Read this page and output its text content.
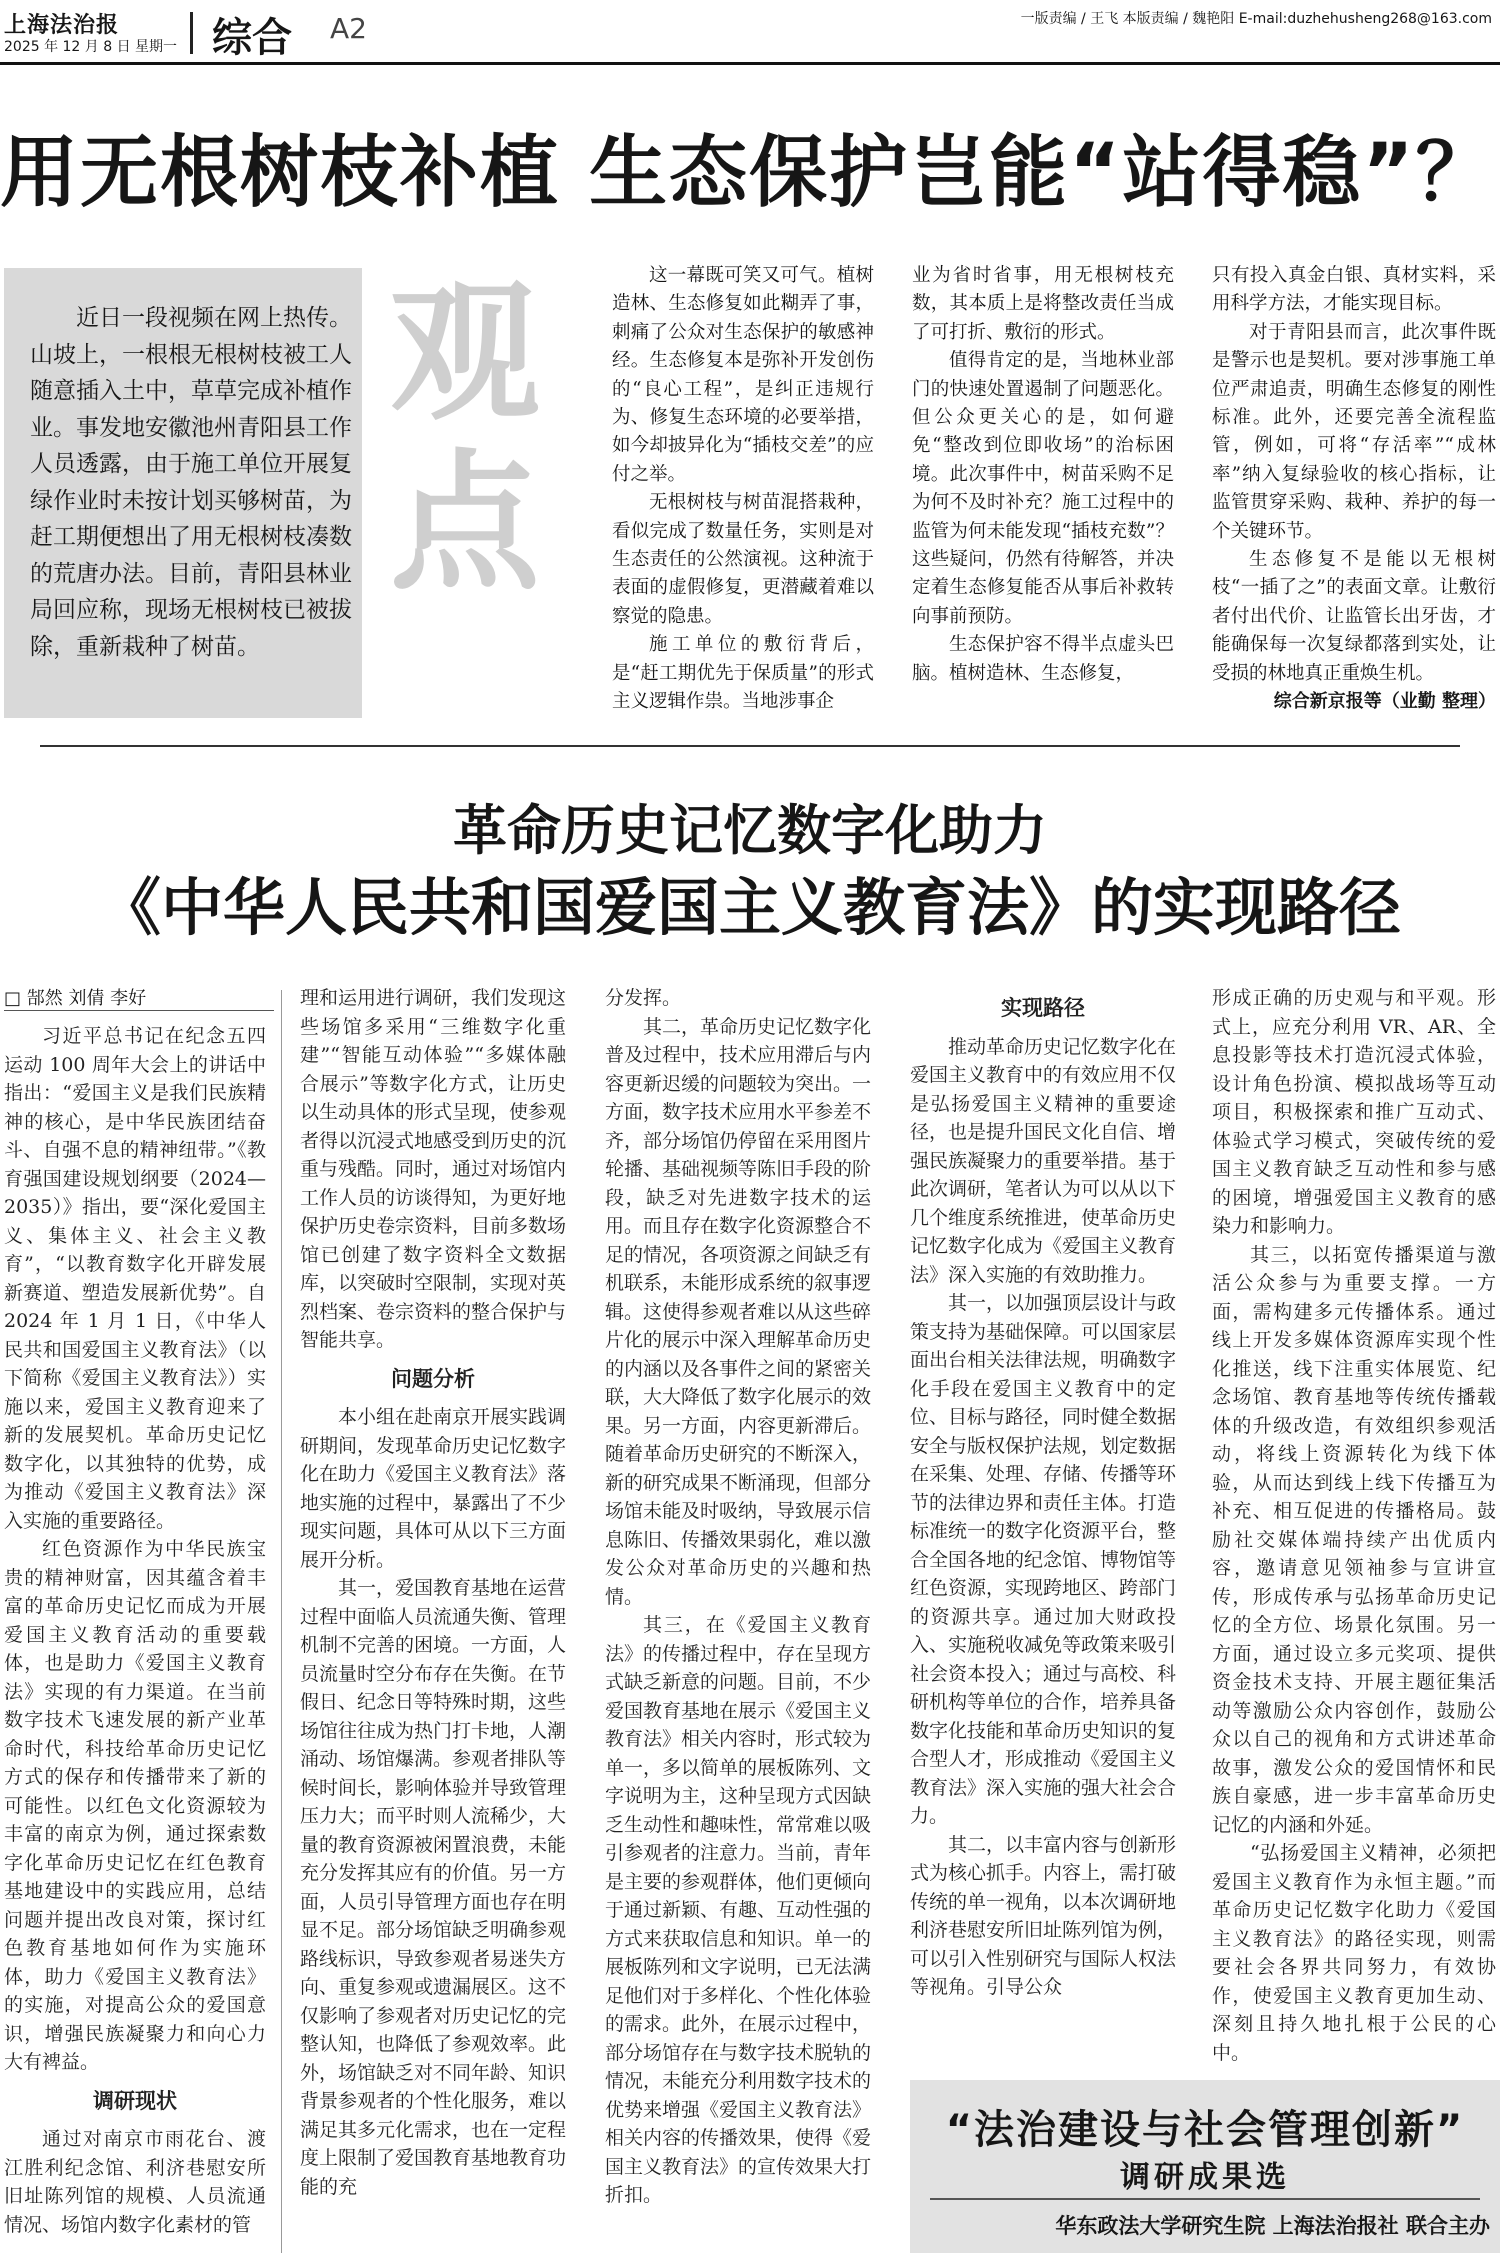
上海法治报
2025 年 12 月 8 日 星期一 综合 A2	一版责编 / 王飞 本版责编 / 魏艳阳 E-mail:duzhehusheng268@163.com
用无根树枝补植 生态保护岂能“站得稳”？
近日一段视频在网上热传。山坡上，一根根无根树枝被工人随意插入土中，草草完成补植作业。事发地安徽池州青阳县工作人员透露，由于施工单位开展复绿作业时未按计划买够树苗，为赶工期便想出了用无根树枝凑数的荒唐办法。目前，青阳县林业局回应称，现场无根树枝已被拔除，重新栽种了树苗。
观
点

这一幕既可笑又可气。植树造林、生态修复如此糊弄了事，刺痛了公众对生态保护的敏感神经。生态修复本是弥补开发创伤的“良心工程”，是纠正违规行为、修复生态环境的必要举措，如今却披异化为“插枝交差”的应付之举。

无根树枝与树苗混搭栽种，看似完成了数量任务，实则是对生态责任的公然演视。这种流于表面的虚假修复，更潜藏着难以察觉的隐患。

施工单位的敷衍背后，是“赶工期优先于保质量”的形式主义逻辑作祟。当地涉事企

业为省时省事，用无根树枝充数，其本质上是将整改责任当成了可打折、敷衍的形式。

值得肯定的是，当地林业部门的快速处置遏制了问题恶化。但公众更关心的是，如何避免“整改到位即收场”的治标困境。此次事件中，树苗采购不足为何不及时补充？施工过程中的监管为何未能发现“插枝充数”？这些疑问，仍然有待解答，并决定着生态修复能否从事后补救转向事前预防。

生态保护容不得半点虚头巴脑。植树造林、生态修复，

只有投入真金白银、真材实料，采用科学方法，才能实现目标。

对于青阳县而言，此次事件既是警示也是契机。要对涉事施工单位严肃追责，明确生态修复的刚性标准。此外，还要完善全流程监管，例如，可将“存活率”“成林率”纳入复绿验收的核心指标，让监管贯穿采购、栽种、养护的每一个关键环节。

生态修复不是能以无根树枝“一插了之”的表面文章。让敷衍者付出代价、让监管长出牙齿，才能确保每一次复绿都落到实处，让受损的林地真正重焕生机。

综合新京报等（业勤 整理）
革命历史记忆数字化助力
《中华人民共和国爱国主义教育法》的实现路径
□ 郜然 刘倩 李好

习近平总书记在纪念五四运动 100 周年大会上的讲话中指出：“爱国主义是我们民族精神的核心，是中华民族团结奋斗、自强不息的精神纽带。”《教育强国建设规划纲要（2024—2035）》指出，要“深化爱国主义、集体主义、社会主义教育”，“以教育数字化开辟发展新赛道、塑造发展新优势”。自 2024 年 1 月 1 日，《中华人民共和国爱国主义教育法》（以下简称《爱国主义教育法》）实施以来，爱国主义教育迎来了新的发展契机。革命历史记忆数字化，以其独特的优势，成为推动《爱国主义教育法》深入实施的重要路径。

红色资源作为中华民族宝贵的精神财富，因其蕴含着丰富的革命历史记忆而成为开展爱国主义教育活动的重要载体，也是助力《爱国主义教育法》实现的有力渠道。在当前数字技术飞速发展的新产业革命时代，科技给革命历史记忆方式的保存和传播带来了新的可能性。以红色文化资源较为丰富的南京为例，通过探索数字化革命历史记忆在红色教育基地建设中的实践应用，总结问题并提出改良对策，探讨红色教育基地如何作为实施环体，助力《爱国主义教育法》的实施，对提高公众的爱国意识，增强民族凝聚力和向心力大有裨益。

调研现状

通过对南京市雨花台、渡江胜利纪念馆、利济巷慰安所旧址陈列馆的规模、人员流通情况、场馆内数字化素材的管

理和运用进行调研，我们发现这些场馆多采用“三维数字化重建”“智能互动体验”“多媒体融合展示”等数字化方式，让历史以生动具体的形式呈现，使参观者得以沉浸式地感受到历史的沉重与残酷。同时，通过对场馆内工作人员的访谈得知，为更好地保护历史卷宗资料，目前多数场馆已创建了数字资料全文数据库，以突破时空限制，实现对英烈档案、卷宗资料的整合保护与智能共享。

问题分析

本小组在赴南京开展实践调研期间，发现革命历史记忆数字化在助力《爱国主义教育法》落地实施的过程中，暴露出了不少现实问题，具体可从以下三方面展开分析。

其一，爱国教育基地在运营过程中面临人员流通失衡、管理机制不完善的困境。一方面，人员流量时空分布存在失衡。在节假日、纪念日等特殊时期，这些场馆往往成为热门打卡地，人潮涌动、场馆爆满。参观者排队等候时间长，影响体验并导致管理压力大；而平时则人流稀少，大量的教育资源被闲置浪费，未能充分发挥其应有的价值。另一方面，人员引导管理方面也存在明显不足。部分场馆缺乏明确参观路线标识，导致参观者易迷失方向、重复参观或遗漏展区。这不仅影响了参观者对历史记忆的完整认知，也降低了参观效率。此外，场馆缺乏对不同年龄、知识背景参观者的个性化服务，难以满足其多元化需求，也在一定程度上限制了爱国教育基地教育功能的充

分发挥。

其二，革命历史记忆数字化普及过程中，技术应用滞后与内容更新迟缓的问题较为突出。一方面，数字技术应用水平参差不齐，部分场馆仍停留在采用图片轮播、基础视频等陈旧手段的阶段，缺乏对先进数字技术的运用。而且存在数字化资源整合不足的情况，各项资源之间缺乏有机联系，未能形成系统的叙事逻辑。这使得参观者难以从这些碎片化的展示中深入理解革命历史的内涵以及各事件之间的紧密关联，大大降低了数字化展示的效果。另一方面，内容更新滞后。随着革命历史研究的不断深入，新的研究成果不断涌现，但部分场馆未能及时吸纳，导致展示信息陈旧、传播效果弱化，难以激发公众对革命历史的兴趣和热情。

其三，在《爱国主义教育法》的传播过程中，存在呈现方式缺乏新意的问题。目前，不少爱国教育基地在展示《爱国主义教育法》相关内容时，形式较为单一，多以简单的展板陈列、文字说明为主，这种呈现方式因缺乏生动性和趣味性，常常难以吸引参观者的注意力。当前，青年是主要的参观群体，他们更倾向于通过新颖、有趣、互动性强的方式来获取信息和知识。单一的展板陈列和文字说明，已无法满足他们对于多样化、个性化体验的需求。此外，在展示过程中，部分场馆存在与数字技术脱轨的情况，未能充分利用数字技术的优势来增强《爱国主义教育法》相关内容的传播效果，使得《爱国主义教育法》的宣传效果大打折扣。

实现路径

推动革命历史记忆数字化在爱国主义教育中的有效应用不仅是弘扬爱国主义精神的重要途径，也是提升国民文化自信、增强民族凝聚力的重要举措。基于此次调研，笔者认为可以从以下几个维度系统推进，使革命历史记忆数字化成为《爱国主义教育法》深入实施的有效助推力。

其一，以加强顶层设计与政策支持为基础保障。可以国家层面出台相关法律法规，明确数字化手段在爱国主义教育中的定位、目标与路径，同时健全数据安全与版权保护法规，划定数据在采集、处理、存储、传播等环节的法律边界和责任主体。打造标准统一的数字化资源平台，整合全国各地的纪念馆、博物馆等红色资源，实现跨地区、跨部门的资源共享。通过加大财政投入、实施税收减免等政策来吸引社会资本投入；通过与高校、科研机构等单位的合作，培养具备数字化技能和革命历史知识的复合型人才，形成推动《爱国主义教育法》深入实施的强大社会合力。

其二，以丰富内容与创新形式为核心抓手。内容上，需打破传统的单一视角，以本次调研地利济巷慰安所旧址陈列馆为例，可以引入性别研究与国际人权法等视角。引导公众

形成正确的历史观与和平观。形式上，应充分利用 VR、AR、全息投影等技术打造沉浸式体验，设计角色扮演、模拟战场等互动项目，积极探索和推广互动式、体验式学习模式，突破传统的爱国主义教育缺乏互动性和参与感的困境，增强爱国主义教育的感染力和影响力。

其三，以拓宽传播渠道与激活公众参与为重要支撑。一方面，需构建多元传播体系。通过线上开发多媒体资源库实现个性化推送，线下注重实体展览、纪念场馆、教育基地等传统传播载体的升级改造，有效组织参观活动，将线上资源转化为线下体验，从而达到线上线下传播互为补充、相互促进的传播格局。鼓励社交媒体端持续产出优质内容，邀请意见领袖参与宣讲宣传，形成传承与弘扬革命历史记忆的全方位、场景化氛围。另一方面，通过设立多元奖项、提供资金技术支持、开展主题征集活动等激励公众内容创作，鼓励公众以自己的视角和方式讲述革命故事，激发公众的爱国情怀和民族自豪感，进一步丰富革命历史记忆的内涵和外延。

“弘扬爱国主义精神，必须把爱国主义教育作为永恒主题。”而革命历史记忆数字化助力《爱国主义教育法》的路径实现，则需要社会各界共同努力，有效协作，使爱国主义教育更加生动、深刻且持久地扎根于公民的心中。

“法治建设与社会管理创新”
调研成果选
华东政法大学研究生院 上海法治报社 联合主办
